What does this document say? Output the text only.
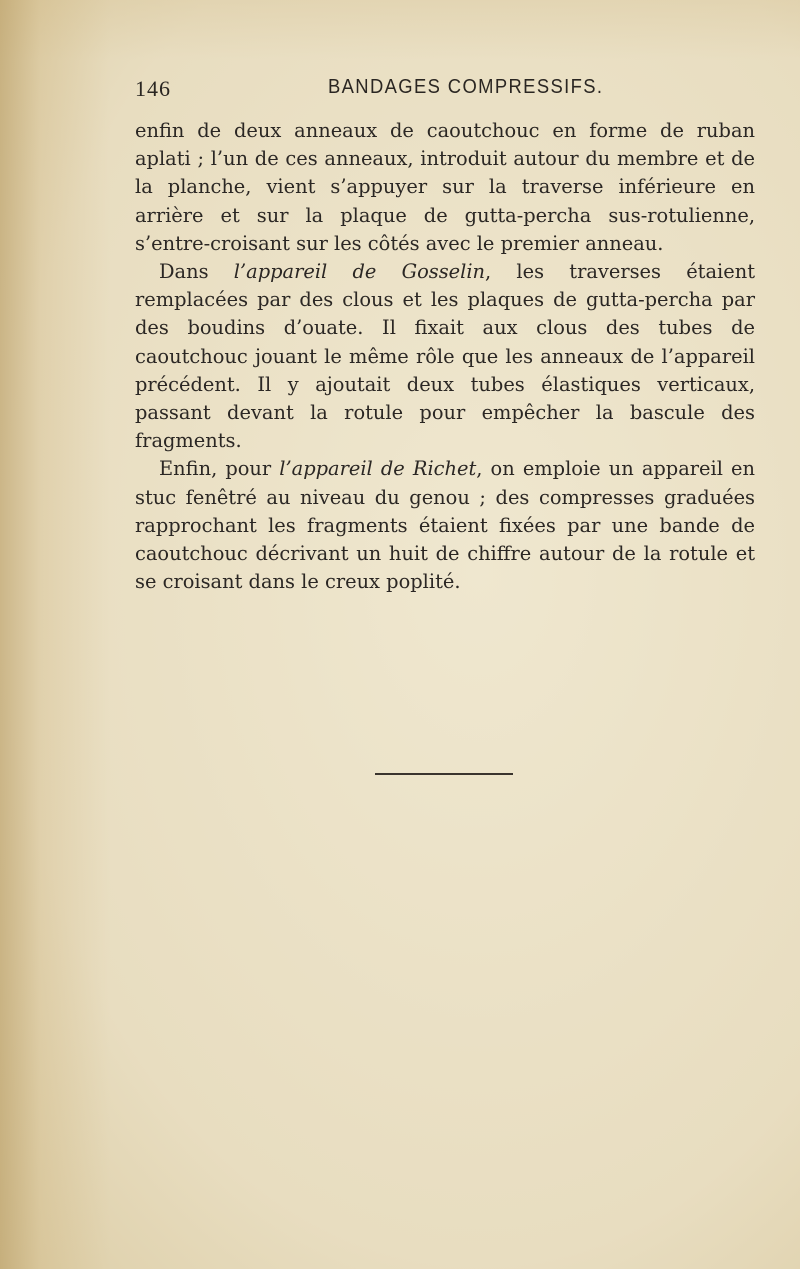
146	BANDAGES COMPRESSIFS.

enfin de deux anneaux de caoutchouc en forme de ruban aplati ; l’un de ces anneaux, introduit autour du membre et de la planche, vient s’appuyer sur la traverse inférieure en arrière et sur la plaque de gutta-percha sus-rotulienne, s’entre-croisant sur les côtés avec le premier anneau.

Dans l’appareil de Gosselin, les traverses étaient remplacées par des clous et les plaques de gutta-percha par des boudins d’ouate. Il fixait aux clous des tubes de caoutchouc jouant le même rôle que les anneaux de l’appareil précédent. Il y ajoutait deux tubes élastiques verticaux, passant devant la rotule pour empêcher la bascule des fragments.

Enfin, pour l’appareil de Richet, on emploie un appareil en stuc fenêtré au niveau du genou ; des compresses graduées rapprochant les fragments étaient fixées par une bande de caoutchouc décrivant un huit de chiffre autour de la rotule et se croisant dans le creux poplité.
